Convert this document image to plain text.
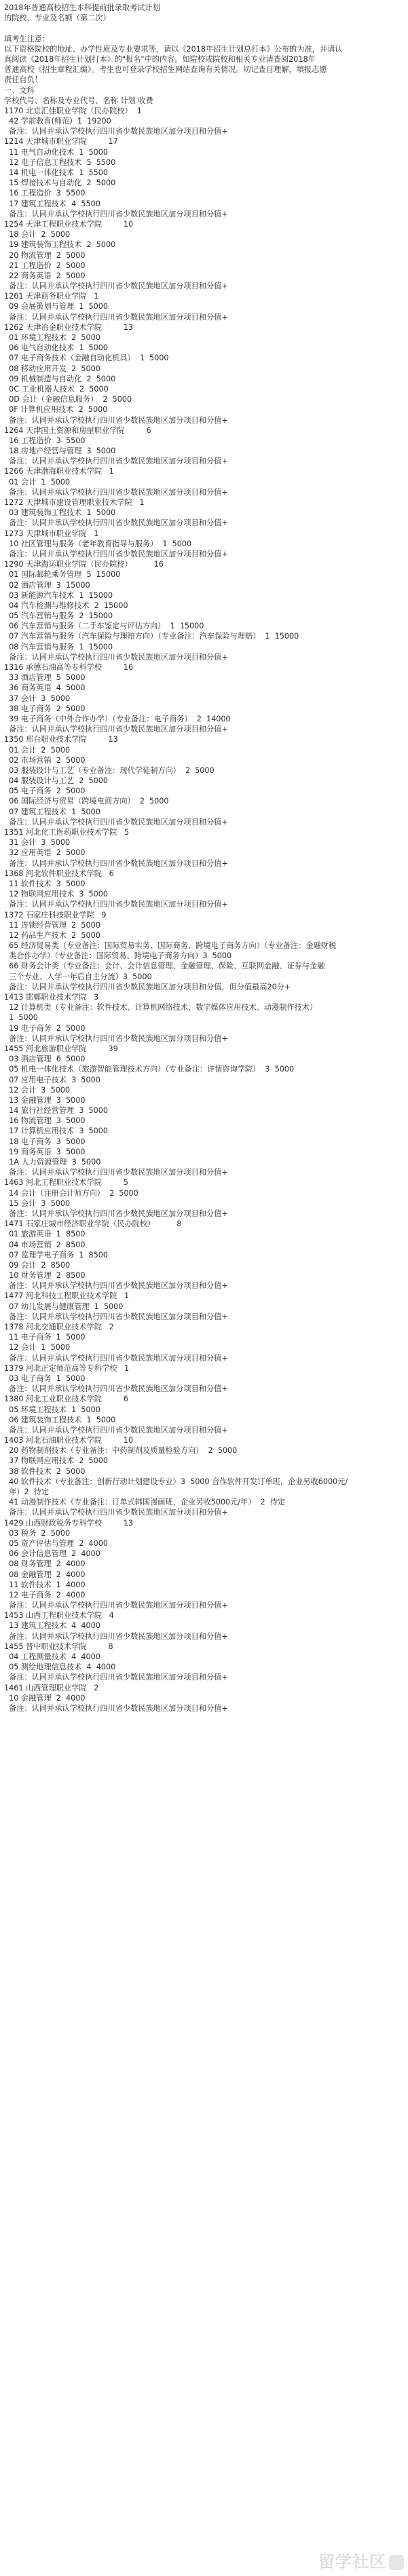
2018年普通高校招生本科提前批录取考试计划
的院校、专业及名额（第二次）
填考生注意：
以下资格院校的地址、办学性质及专业要求等，请以《2018年招生计划总打本》公布的为准，并请认
真阅读《2018年招生计划打本》的"报名"中的内容。如院校或院校和相关专业请查阅2018年
普通高校《招生章程汇编》。考生也可登录学校招生网站查询有关情况。切记查目理解，填报志愿
责任自负！
一、文科
学校代号、名称及专业代号、名称 计划 收费
1170 北京汇佳职业学院（民办院校）  1
42 学前教育(师范)  1  19200
备注：认同并承认学校执行四川省少数民族地区加分项目和分值+
1214 天津城市职业学院         17
11 电气自动化技术  1  5000
12 电子信息工程技术  5  5500
14 机电一体化技术  1  5500
15 焊接技术与自动化  2  5000
16 工程造价  3  5500
17 建筑工程技术  4  5500
备注：认同并承认学校执行四川省少数民族地区加分项目和分值+
1254 天津工程职业技术学院         10
18 会计  2  5000
19 建筑装饰工程技术  2  5000
20 物流管理  2  5000
21 工程造价  2  5000
22 商务英语  2  5000
备注：认同并承认学校执行四川省少数民族地区加分项目和分值+
1261 天津商务职业学院   1
09 会展策划与管理  1  5000
备注：认同并承认学校执行四川省少数民族地区加分项目和分值+
1262 天津冶金职业技术学院         13
01 环境工程技术  2  5000
06 电气自动化技术  1  5000
07 电子商务技术（金融自动化机具）  1  5000
08 移动应用开发  2  5000
09 机械制造与自动化  2  5000
0C 工业机器人技术  2  5000
0D 会计（金融信息服务）  2  5000
0F 计算机应用技术  2  5000
备注：认同并承认学校执行四川省少数民族地区加分项目和分值+
1264 天津国土资源和房屋职业学院         6
16 工程造价  3  5500
18 房地产经营与管理  3  5000
备注：认同并承认学校执行四川省少数民族地区加分项目和分值+
1266 天津渤海职业技术学院   1
01 会计  1  5000
备注：认同并承认学校执行四川省少数民族地区加分项目和分值+
1272 天津城市建设管理职业技术学院   1
03 建筑装饰工程技术  1  5000
备注：认同并承认学校执行四川省少数民族地区加分项目和分值+
1273 天津城市职业学院   1
10 社区管理与服务（老年教育指导与服务）  1  5000
备注：认同并承认学校执行四川省少数民族地区加分项目和分值+
1290 天津海运职业学院（民办院校）         16
01 国际邮轮乘务管理  5  15000
02 酒店管理  3  15000
03 新能源汽车技术  1  15000
04 汽车检测与维修技术  2  15000
05 汽车营销与服务  2  15000
06 汽车营销与服务（二手车鉴定与评估方向）  1  15000
07 汽车营销与服务（汽车保险与理赔方向）（专业备注：汽车保险与理赔）  1  15000
08 汽车营销与服务  1  15000
备注：认同并承认学校执行四川省少数民族地区加分项目和分值+
1316 承德石油高等专科学校         16
33 酒店管理  5  5000
36 商务英语  4  5000
37 会计  3  5000
38 电子商务  2  5000
39 电子商务（中外合作办学）（专业备注：电子商务）  2  14000
备注：认同并承认学校执行四川省少数民族地区加分项目和分值+
1350 邢台职业技术学院         13
01 会计  2  5000
02 市场营销  2  5000
03 服装设计与工艺（专业备注：现代学徒制方向）  2  5000
04 服装设计与工艺  2  5000
05 电子商务  2  5000
06 国际经济与贸易（跨境电商方向）  2  5000
07 建筑工程技术  1  5000
备注：认同并承认学校执行四川省少数民族地区加分项目和分值+
1351 河北化工医药职业技术学院   5
31 会计  3  5000
32 应用英语  2  5000
备注：认同并承认学校执行四川省少数民族地区加分项目和分值+
1368 河北软件职业技术学院   6
11 软件技术  3  5000
12 物联网应用技术  3  5000
备注：认同并承认学校执行四川省少数民族地区加分项目和分值+
1372 石家庄科技职业学院   9
11 连锁经营管理  2  5000
12 药品生产技术  2  5000
65 经济贸易类（专业备注：国际贸易实务、国际商务、跨境电子商务方向）（专业备注：金融财税
类合作办学）（专业备注：国际贸易、跨境电子商务方向）3  5000
66 财务会计类（专业备注：会计、会计信息管理、金融管理、保险、互联网金融、证券与金融
三个专业、入学一年后自主分流）3  5000
备注：认同并承认学校执行四川省少数民族地区加分项目和分值，但分值最高20分+
1413 邯郸职业技术学院   3
12 计算机类（专业备注：软件技术、计算机网络技术、数字媒体应用技术、动漫制作技术）
1  5000
19 电子商务  2  5000
备注：认同并承认学校执行四川省少数民族地区加分项目和分值+
1455 河北旅游职业学院         39
03 酒店管理  6  5000
05 机电一体化技术（旅游智能管理技术方向）（专业备注：详情咨询学院）  3  5000
07 应用电子技术  3  5000
12 会计  3  5000
13 金融管理  3  5000
14 旅行社经营管理  3  5000
16 物流管理  3  5000
17 计算机应用技术  3  5000
18 电子商务  3  5000
19 商务英语  3  5000
1A 人力资源管理  3  5000
备注：认同并承认学校执行四川省少数民族地区加分项目和分值+
1463 河北工程职业技术学院         5
14 会计（注册会计师方向）  2  5000
15 会计  3  5000
备注：认同并承认学校执行四川省少数民族地区加分项目和分值+
1471 石家庄城市经济职业学院（民办院校）         8
01 旅游英语  1  8500
04 市场营销  2  8500
07 监理学电子商务  1  8500
09 会计  2  8500
10 财务管理  2  8500
备注：认同并承认学校执行四川省少数民族地区加分项目和分值+
1477 河北科技工程职业技术学院   1
07 幼儿发展与健康管理  1  5000
备注：认同并承认学校执行四川省少数民族地区加分项目和分值+
1378 河北交通职业技术学院   2
11 电子商务  1  5000
12 会计  1  5000
备注：认同并承认学校执行四川省少数民族地区加分项目和分值+
1379 河北正定师范高等专科学校   1
03 电子商务  1  5000
备注：认同并承认学校执行四川省少数民族地区加分项目和分值+
1380 河北工业职业技术学院         6
05 环境工程技术  1  5000
06 建筑装饰工程技术  1  5000
备注：认同并承认学校执行四川省少数民族地区加分项目和分值+
1403 河北石油职业技术学院         10
20 药物制剂技术（专业备注：中药制剂及质量检验方向）  2  5000
37 物联网应用技术  2  5000
38 软件技术  2  5000
40 软件技术（专业备注：创新行动计划建设专业）3  5000 合作软件开发订单班，企业另收6000元/
年）2  待定
41 动漫制作技术（专业备注：订单式韩国漫画班，企业另收5000元/年）  2  待定
备注：认同并承认学校执行四川省少数民族地区加分项目和分值+
1429 山西财政税务专科学校         13
03 税务  2  5000
05 资产评估与管理  2  4000
06 会计信息管理  2  4000
08 财务管理  2  4000
08 金融管理  2  4000
11 软件技术  1  4000
12 电子商务  2  4000
备注：认同并承认学校执行四川省少数民族地区加分项目和分值+
1453 山西工程职业技术学院   4
13 建筑工程技术  4  4000
备注：认同并承认学校执行四川省少数民族地区加分项目和分值+
1455 晋中职业技术学院         8
04 工程测量技术  4  4000
05 测绘地理信息技术  4  4000
备注：认同并承认学校执行四川省少数民族地区加分项目和分值+
1461 山西管理职业学院   2
10 金融管理  2  4000
备注：认同并承认学校执行四川省少数民族地区加分项目和分值+
留学社区
